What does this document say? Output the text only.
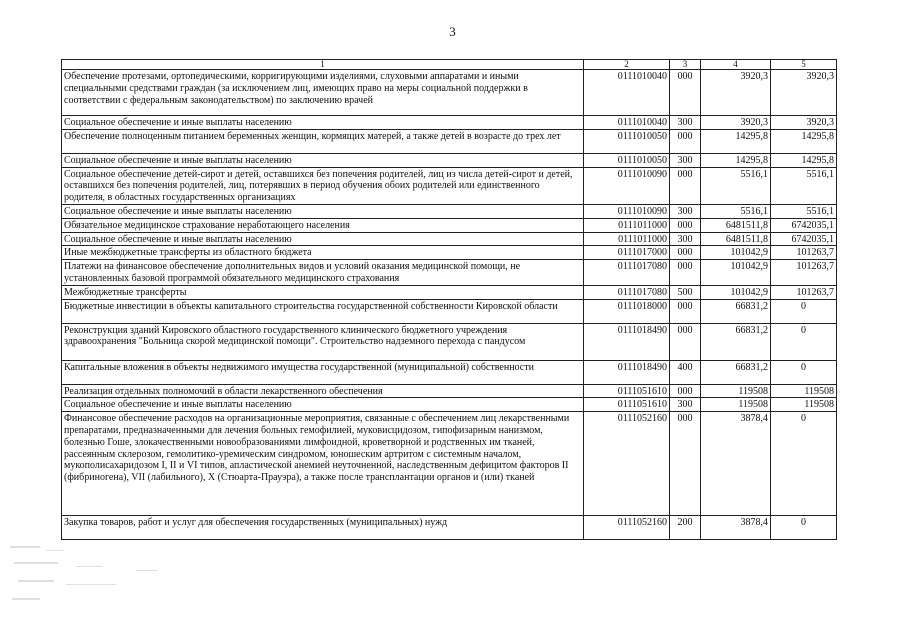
3
1	2	3	4	5
Обеспечение протезами, ортопедическими, корригирующими изделиями, слуховыми аппаратами и иными специальными средствами граждан (за исключением лиц, имеющих право на меры социальной поддержки в соответствии с федеральным законодательством) по заключению врачей	0111010040	000	3920,3	3920,3
Социальное обеспечение и иные выплаты населению	0111010040	300	3920,3	3920,3
Обеспечение полноценным питанием беременных женщин, кормящих матерей, а также детей в возрасте до трех лет	0111010050	000	14295,8	14295,8
Социальное обеспечение и иные выплаты населению	0111010050	300	14295,8	14295,8
Социальное обеспечение детей-сирот и детей, оставшихся без попечения родителей, лиц из числа детей-сирот и детей, оставшихся без попечения родителей, лиц, потерявших в период обучения обоих родителей или единственного родителя, в областных государственных организациях	0111010090	000	5516,1	5516,1
Социальное обеспечение и иные выплаты населению	0111010090	300	5516,1	5516,1
Обязательное медицинское страхование неработающего населения	0111011000	000	6481511,8	6742035,1
Социальное обеспечение и иные выплаты населению	0111011000	300	6481511,8	6742035,1
Иные межбюджетные трансферты из областного бюджета	0111017000	000	101042,9	101263,7
Платежи на финансовое обеспечение дополнительных видов и условий оказания медицинской помощи, не установленных базовой программой обязательного медицинского страхования	0111017080	000	101042,9	101263,7
Межбюджетные трансферты	0111017080	500	101042,9	101263,7
Бюджетные инвестиции в объекты капитального строительства государственной собственности Кировской области	0111018000	000	66831,2	0
Реконструкция зданий Кировского областного государственного клинического бюджетного учреждения здравоохранения "Больница скорой медицинской помощи". Строительство надземного перехода с пандусом	0111018490	000	66831,2	0
Капитальные вложения в объекты недвижимого имущества государственной (муниципальной) собственности	0111018490	400	66831,2	0
Реализация отдельных полномочий в области лекарственного обеспечения	0111051610	000	119508	119508
Социальное обеспечение и иные выплаты населению	0111051610	300	119508	119508
Финансовое обеспечение расходов на организационные мероприятия, связанные с обеспечением лиц лекарственными препаратами, предназначенными для лечения больных гемофилией, муковисцидозом, гипофизарным нанизмом, болезнью Гоше, злокачественными новообразованиями лимфоидной, кроветворной и родственных им тканей, рассеянным склерозом, гемолитико-уремическим синдромом, юношеским артритом с системным началом, мукополисахаридозом I, II и VI типов, апластической анемией неуточненной, наследственным дефицитом факторов II (фибриногена), VII (лабильного), X (Стюарта-Прауэра), а также после трансплантации органов и (или) тканей	0111052160	000	3878,4	0
Закупка товаров, работ и услуг для обеспечения государственных (муниципальных) нужд	0111052160	200	3878,4	0
